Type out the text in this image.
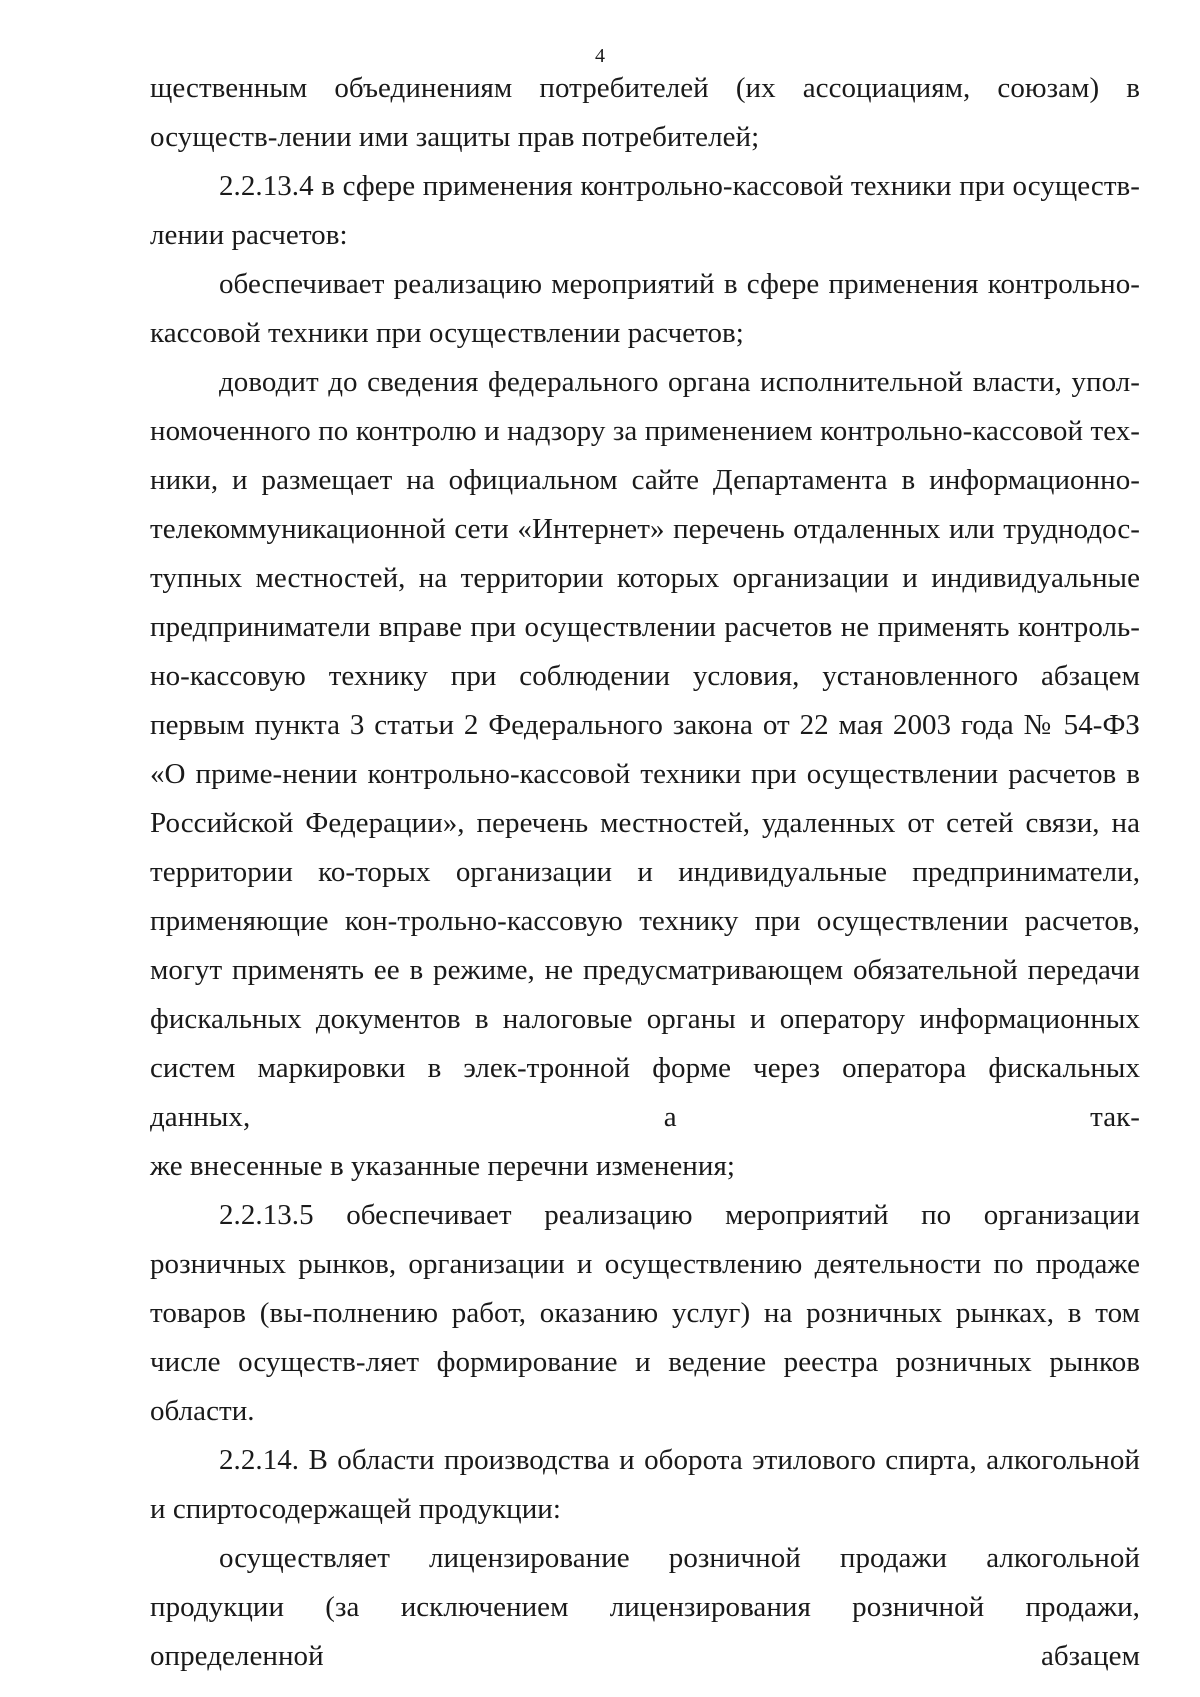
4

щественным объединениям потребителей (их ассоциациям, союзам) в осуществ-лении ими защиты прав потребителей;

2.2.13.4 в сфере применения контрольно-кассовой техники при осуществ-лении расчетов:

обеспечивает реализацию мероприятий в сфере применения контрольно-кассовой техники при осуществлении расчетов;

доводит до сведения федерального органа исполнительной власти, упол-номоченного по контролю и надзору за применением контрольно-кассовой тех-ники, и размещает на официальном сайте Департамента в информационно-телекоммуникационной сети «Интернет» перечень отдаленных или труднодос-тупных местностей, на территории которых организации и индивидуальные предприниматели вправе при осуществлении расчетов не применять контроль-но-кассовую технику при соблюдении условия, установленного абзацем первым пункта 3 статьи 2 Федерального закона от 22 мая 2003 года № 54-ФЗ «О приме-нении контрольно-кассовой техники при осуществлении расчетов в Российской Федерации», перечень местностей, удаленных от сетей связи, на территории ко-торых организации и индивидуальные предприниматели, применяющие кон-трольно-кассовую технику при осуществлении расчетов, могут применять ее в режиме, не предусматривающем обязательной передачи фискальных документов в налоговые органы и оператору информационных систем маркировки в элек-тронной форме через оператора фискальных данных, а так-

же внесенные в указанные перечни изменения;

2.2.13.5 обеспечивает реализацию мероприятий по организации розничных рынков, организации и осуществлению деятельности по продаже товаров (вы-полнению работ, оказанию услуг) на розничных рынках, в том числе осуществ-ляет формирование и ведение реестра розничных рынков области.

2.2.14. В области производства и оборота этилового спирта, алкогольной и спиртосодержащей продукции:

осуществляет лицензирование розничной продажи алкогольной продукции (за исключением лицензирования розничной продажи, определенной абзацем
